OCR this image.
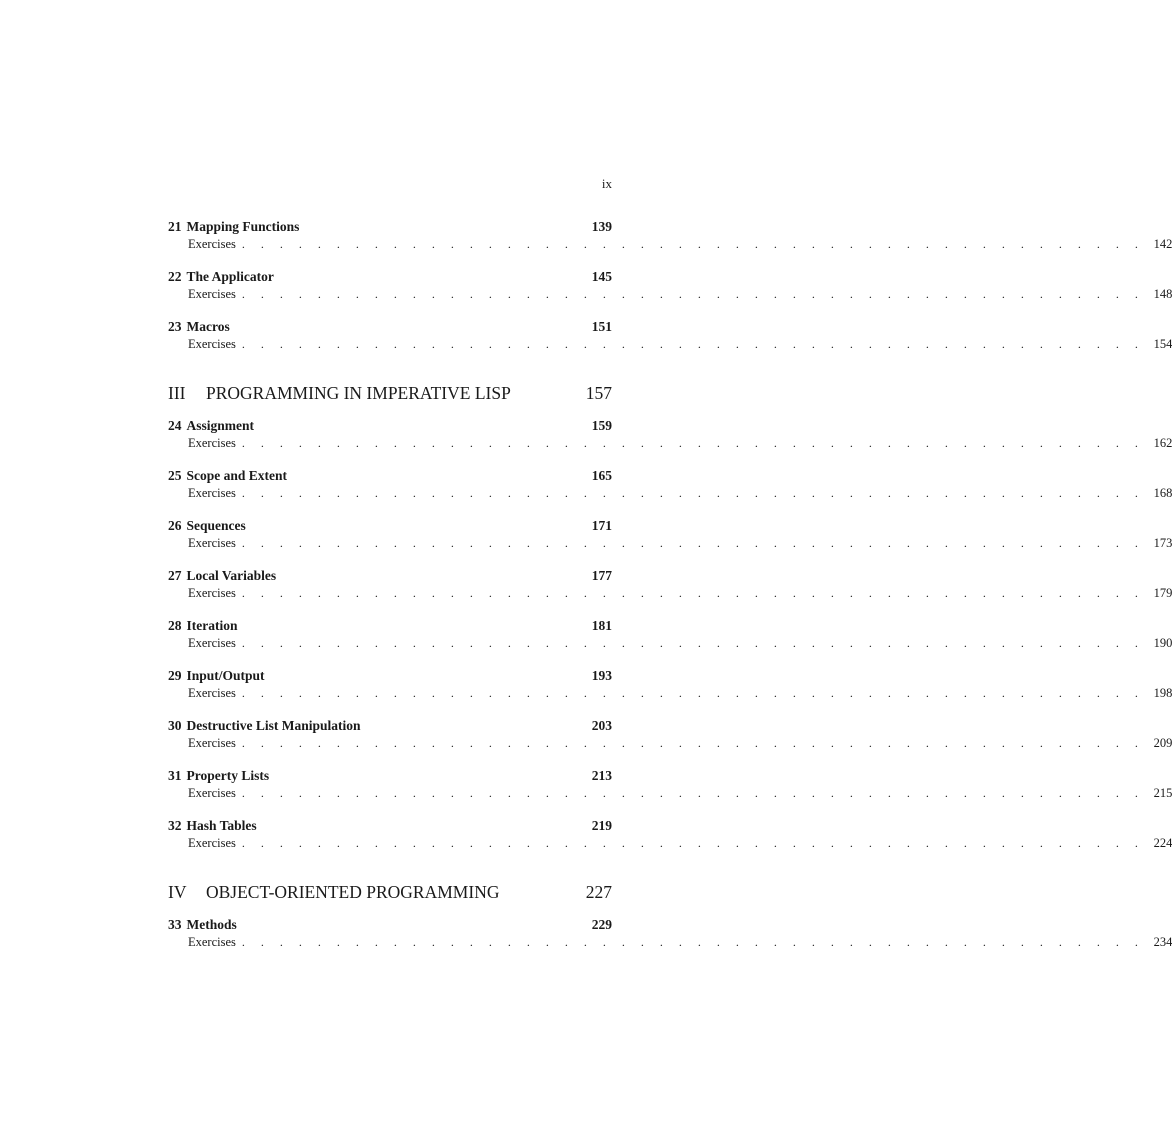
ix
21 Mapping Functions	139
Exercises . . . . . . . . . . . . . . . . . . . . . . . . . . . . . . . . . . . . . . . . . . . . . . . . 142
22 The Applicator	145
Exercises . . . . . . . . . . . . . . . . . . . . . . . . . . . . . . . . . . . . . . . . . . . . . . . . 148
23 Macros	151
Exercises . . . . . . . . . . . . . . . . . . . . . . . . . . . . . . . . . . . . . . . . . . . . . . . . 154
III PROGRAMMING IN IMPERATIVE LISP	157
24 Assignment	159
Exercises . . . . . . . . . . . . . . . . . . . . . . . . . . . . . . . . . . . . . . . . . . . . . . . . 162
25 Scope and Extent	165
Exercises . . . . . . . . . . . . . . . . . . . . . . . . . . . . . . . . . . . . . . . . . . . . . . . . 168
26 Sequences	171
Exercises . . . . . . . . . . . . . . . . . . . . . . . . . . . . . . . . . . . . . . . . . . . . . . . . 173
27 Local Variables	177
Exercises . . . . . . . . . . . . . . . . . . . . . . . . . . . . . . . . . . . . . . . . . . . . . . . . 179
28 Iteration	181
Exercises . . . . . . . . . . . . . . . . . . . . . . . . . . . . . . . . . . . . . . . . . . . . . . . . 190
29 Input/Output	193
Exercises . . . . . . . . . . . . . . . . . . . . . . . . . . . . . . . . . . . . . . . . . . . . . . . . 198
30 Destructive List Manipulation	203
Exercises . . . . . . . . . . . . . . . . . . . . . . . . . . . . . . . . . . . . . . . . . . . . . . . . 209
31 Property Lists	213
Exercises . . . . . . . . . . . . . . . . . . . . . . . . . . . . . . . . . . . . . . . . . . . . . . . . 215
32 Hash Tables	219
Exercises . . . . . . . . . . . . . . . . . . . . . . . . . . . . . . . . . . . . . . . . . . . . . . . . 224
IV OBJECT-ORIENTED PROGRAMMING	227
33 Methods	229
Exercises . . . . . . . . . . . . . . . . . . . . . . . . . . . . . . . . . . . . . . . . . . . . . . . . 234
